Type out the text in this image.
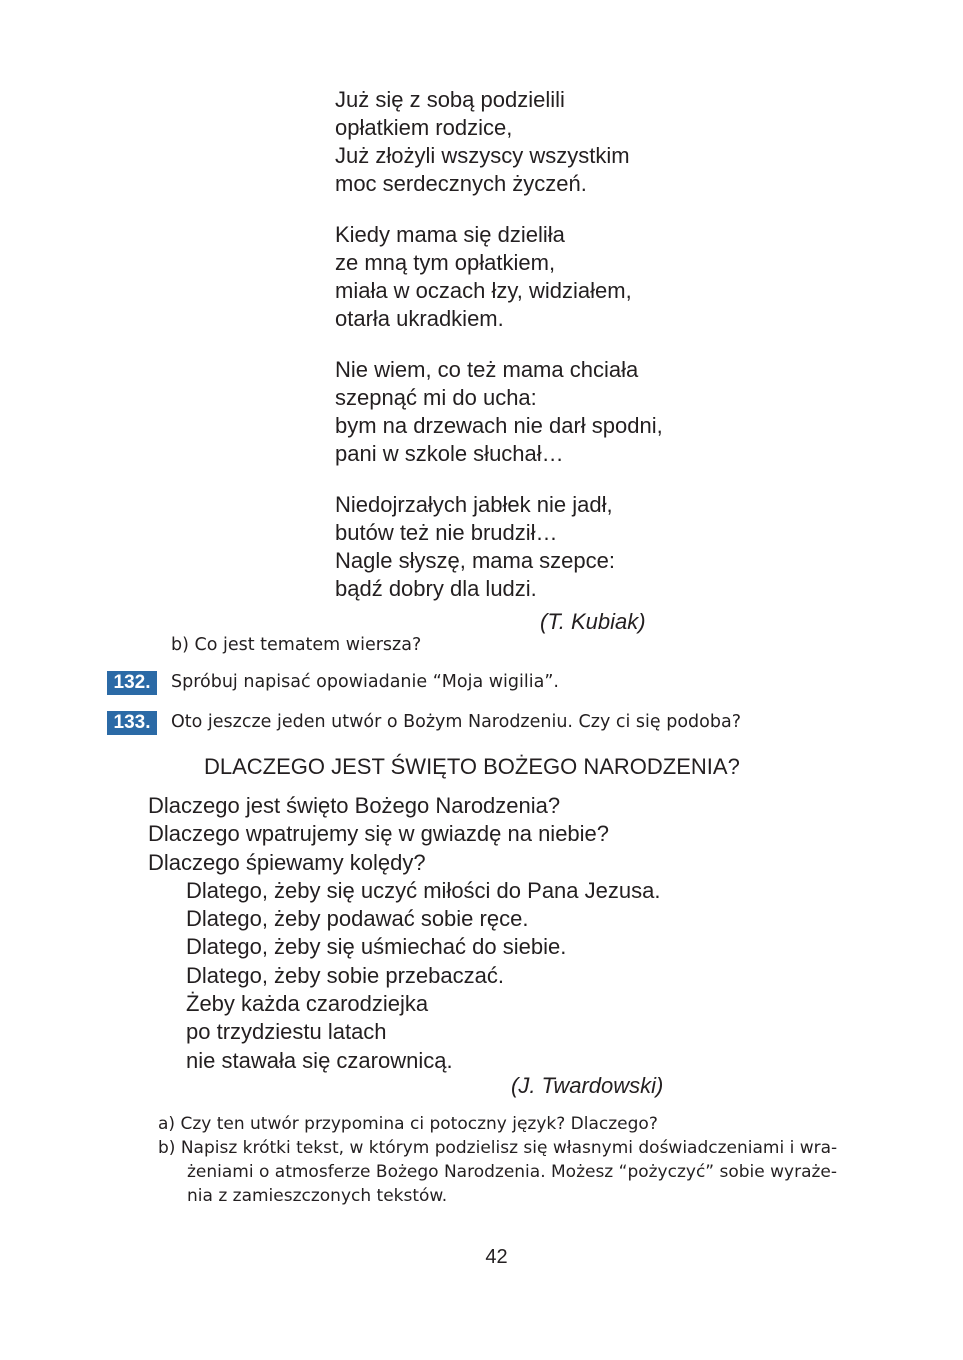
Już się z sobą podzielili
opłatkiem rodzice,
Już złożyli wszyscy wszystkim
moc serdecznych życzeń.
Kiedy mama się dzieliła
ze mną tym opłatkiem,
miała w oczach łzy, widziałem,
otarła ukradkiem.
Nie wiem, co też mama chciała
szepnąć mi do ucha:
bym na drzewach nie darł spodni,
pani w szkole słuchał…
Niedojrzałych jabłek nie jadł,
butów też nie brudził…
Nagle słyszę, mama szepce:
bądź dobry dla ludzi.
(T. Kubiak)
b) Co jest tematem wiersza?
132.	Spróbuj napisać opowiadanie “Moja wigilia”.
133.	Oto jeszcze jeden utwór o Bożym Narodzeniu. Czy ci się podoba?
DLACZEGO JEST ŚWIĘTO BOŻEGO NARODZENIA?
Dlaczego jest święto Bożego Narodzenia?
Dlaczego wpatrujemy się w gwiazdę na niebie?
Dlaczego śpiewamy kolędy?
Dlatego, żeby się uczyć miłości do Pana Jezusa.
Dlatego, żeby podawać sobie ręce.
Dlatego, żeby się uśmiechać do siebie.
Dlatego, żeby sobie przebaczać.
Żeby każda czarodziejka
po trzydziestu latach
nie stawała się czarownicą.
(J. Twardowski)
a) Czy ten utwór przypomina ci potoczny język? Dlaczego?
b) Napisz krótki tekst, w którym podzielisz się własnymi doświadczeniami i wra-
żeniami o atmosferze Bożego Narodzenia. Możesz “pożyczyć” sobie wyraże-
nia z zamieszczonych tekstów.
42
